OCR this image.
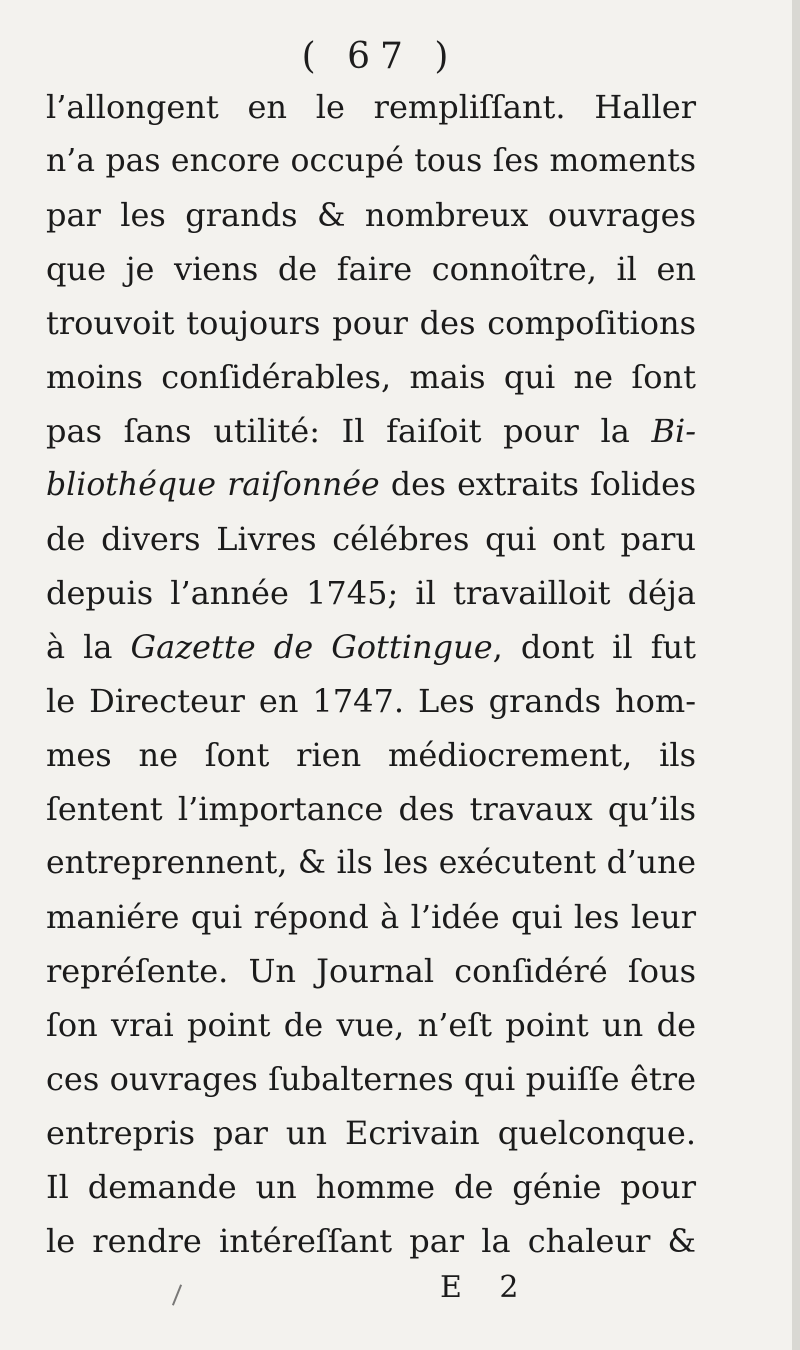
( 67 )
l’allongent en le rempliſſant. Haller
n’a pas encore occupé tous ſes moments
par les grands & nombreux ouvrages
que je viens de faire connoître, il en
trouvoit toujours pour des compoſitions
moins conſidérables, mais qui ne ſont
pas ſans utilité: Il faiſoit pour la Bi-
bliothéque raiſonnée des extraits ſolides
de divers Livres célébres qui ont paru
depuis l’année 1745; il travailloit déja
à la Gazette de Gottingue, dont il fut
le Directeur en 1747. Les grands hom-
mes ne ſont rien médiocrement, ils
ſentent l’importance des travaux qu’ils
entreprennent, & ils les exécutent d’une
maniére qui répond à l’idée qui les leur
repréſente. Un Journal conſidéré ſous
ſon vrai point de vue, n’eſt point un de
ces ouvrages ſubalternes qui puiſſe être
entrepris par un Ecrivain quelconque.
Il demande un homme de génie pour
le rendre intéreſſant par la chaleur &
E 2
